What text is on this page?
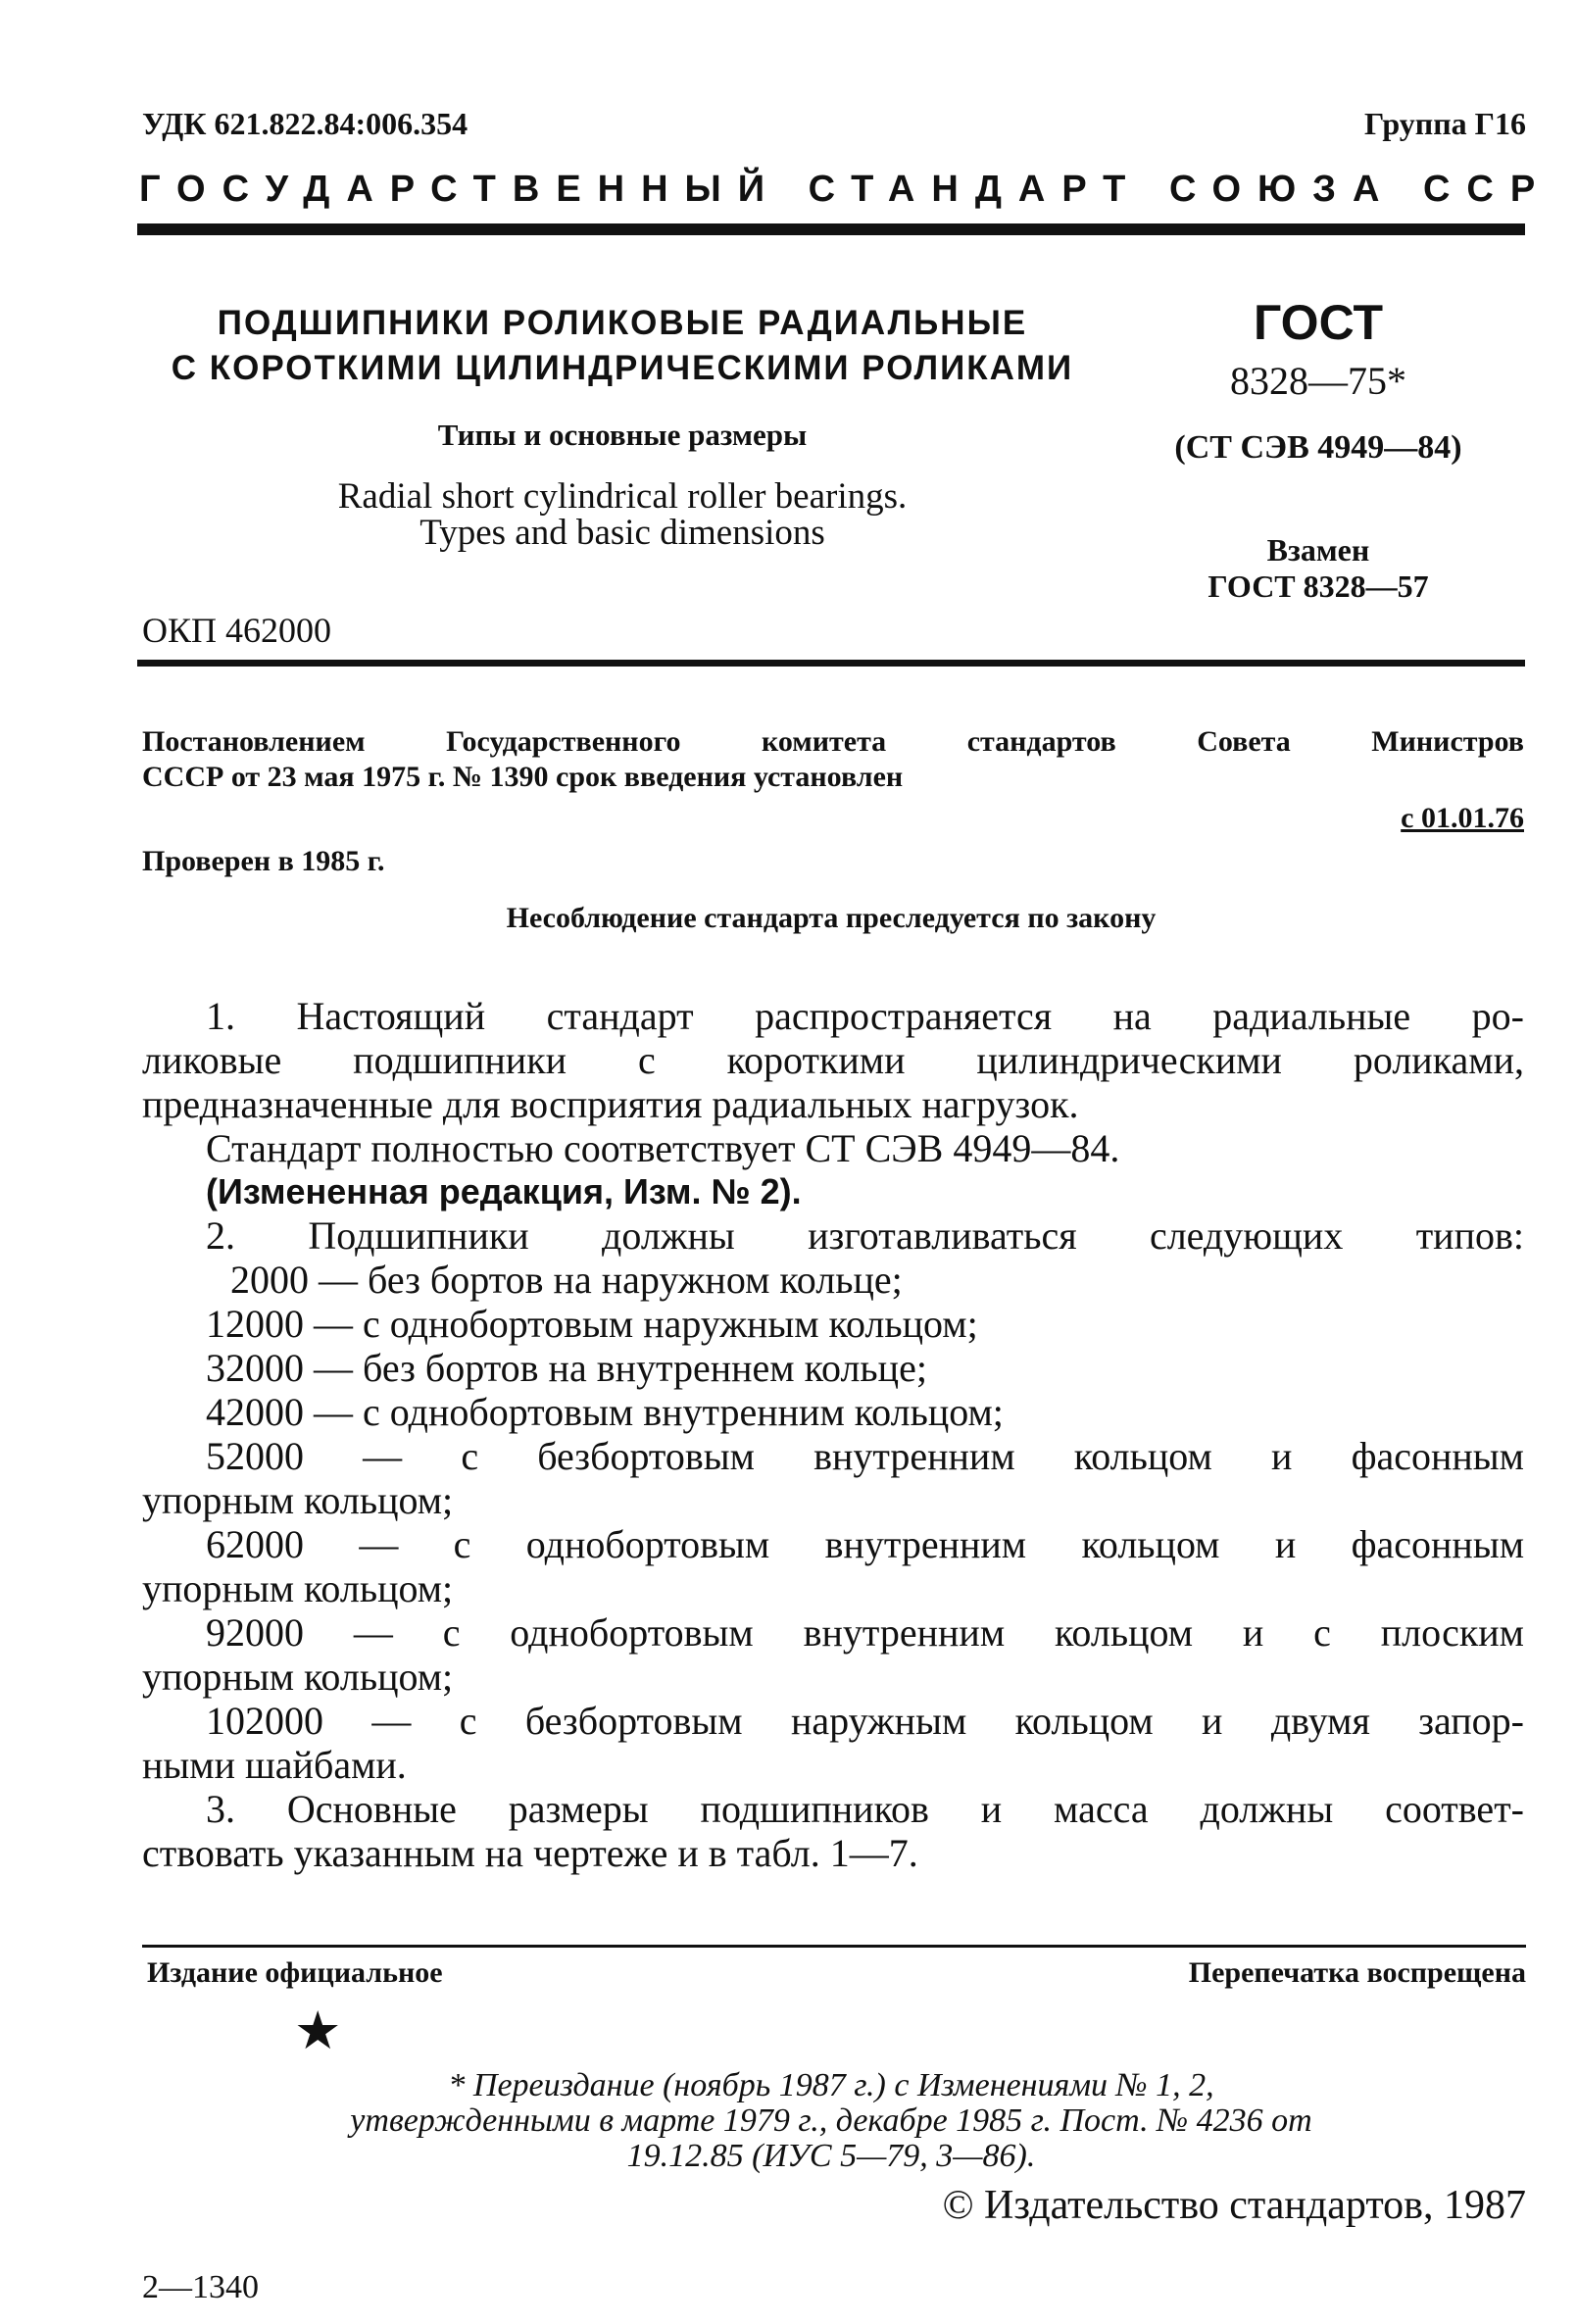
УДК 621.822.84:006.354	Группа Г16
ГОСУДАРСТВЕННЫЙ СТАНДАРТ СОЮЗА ССР
ПОДШИПНИКИ РОЛИКОВЫЕ РАДИАЛЬНЫЕ
С КОРОТКИМИ ЦИЛИНДРИЧЕСКИМИ РОЛИКАМИ
Типы и основные размеры
Radial short cylindrical roller bearings.
Types and basic dimensions
ОКП 462000
ГОСТ
8328—75*
(СТ СЭВ 4949—84)
Взамен
ГОСТ 8328—57
Постановлением Государственного комитета стандартов Совета Министров
СССР от 23 мая 1975 г. № 1390 срок введения установлен
с 01.01.76
Проверен в 1985 г.
Несоблюдение стандарта преследуется по закону
1. Настоящий стандарт распространяется на радиальные ро-
ликовые подшипники с короткими цилиндрическими роликами,
предназначенные для восприятия радиальных нагрузок.
Стандарт полностью соответствует СТ СЭВ 4949—84.
(Измененная редакция, Изм. № 2).
2. Подшипники должны изготавливаться следующих типов:
2000 — без бортов на наружном кольце;
12000 — с однобортовым наружным кольцом;
32000 — без бортов на внутреннем кольце;
42000 — с однобортовым внутренним кольцом;
52000 — с безбортовым внутренним кольцом и фасонным
упорным кольцом;
62000 — с однобортовым внутренним кольцом и фасонным
упорным кольцом;
92000 — с однобортовым внутренним кольцом и с плоским
упорным кольцом;
102000 — с безбортовым наружным кольцом и двумя запор-
ными шайбами.
3. Основные размеры подшипников и масса должны соответ-
ствовать указанным на чертеже и в табл. 1—7.
Издание официальное	Перепечатка воспрещена
★
* Переиздание (ноябрь 1987 г.) с Изменениями № 1, 2,
утвержденными в марте 1979 г., декабре 1985 г. Пост. № 4236 от
19.12.85 (ИУС 5—79, 3—86).
© Издательство стандартов, 1987
2—1340
